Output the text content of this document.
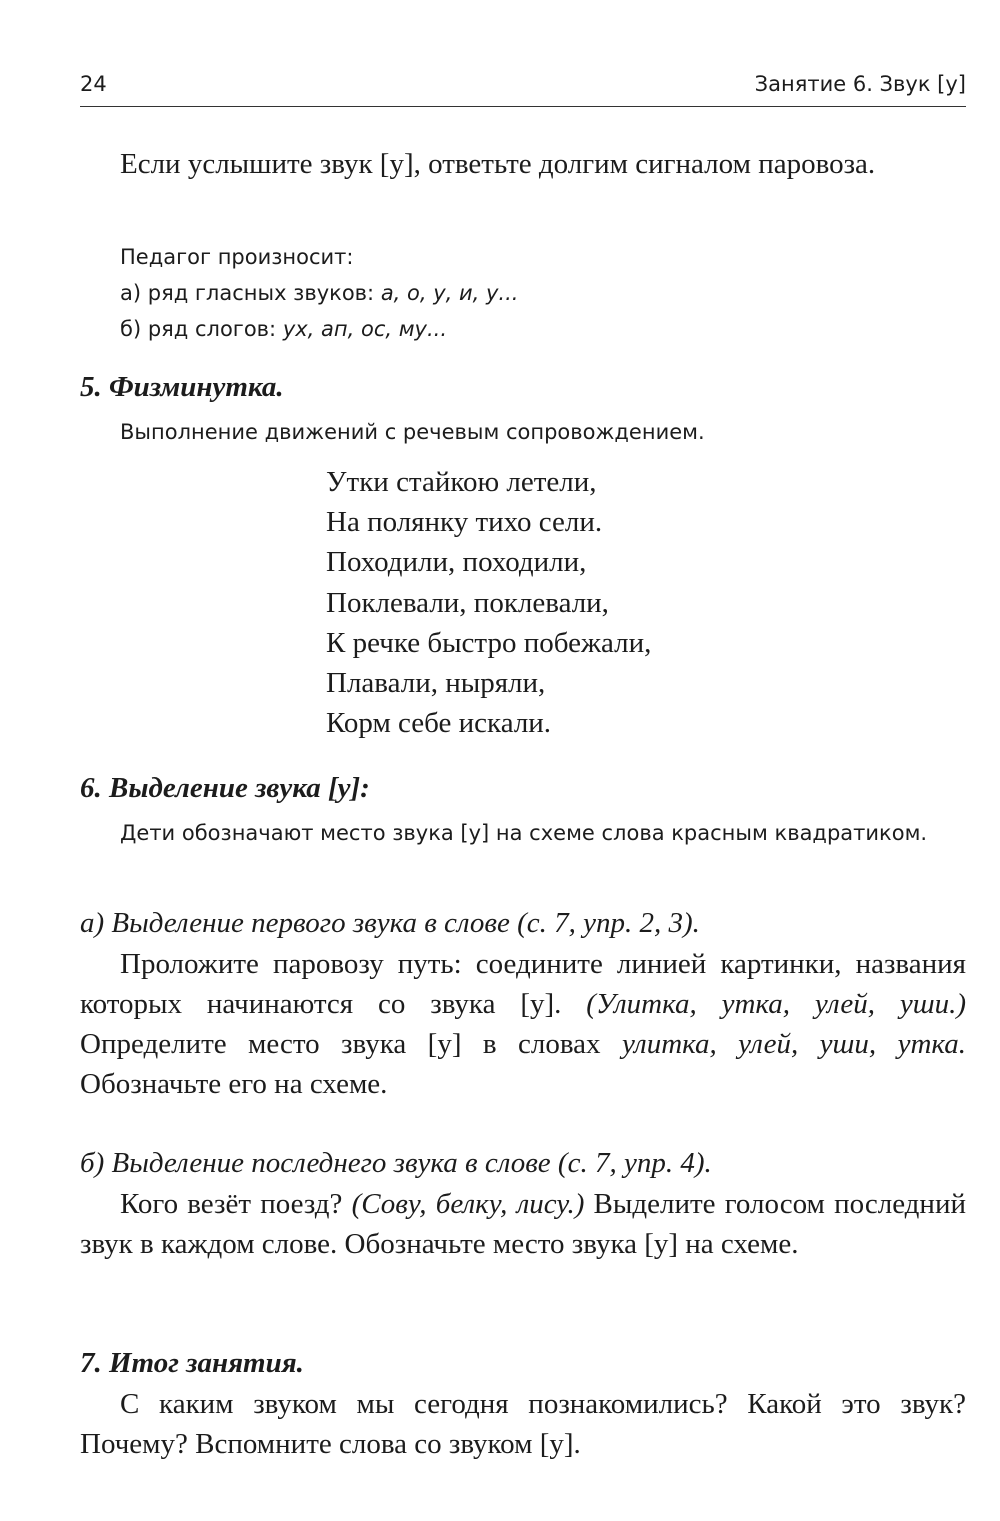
24	Занятие 6. Звук [у]
Если услышите звук [у], ответьте долгим сигналом паровоза.
Педагог произносит:
а) ряд гласных звуков: а, о, у, и, у...
б) ряд слогов: ух, ап, ос, му...
5. Физминутка.
Выполнение движений с речевым сопровождением.
Утки стайкою летели,
На полянку тихо сели.
Походили, походили,
Поклевали, поклевали,
К речке быстро побежали,
Плавали, ныряли,
Корм себе искали.
6. Выделение звука [у]:
Дети обозначают место звука [у] на схеме слова красным квадратиком.
а) Выделение первого звука в слове (с. 7, упр. 2, 3).
Проложите паровозу путь: соедините линией картинки, названия которых начинаются со звука [у]. (Улитка, утка, улей, уши.) Определите место звука [у] в словах улитка, улей, уши, утка. Обозначьте его на схеме.
б) Выделение последнего звука в слове (с. 7, упр. 4).
Кого везёт поезд? (Сову, белку, лису.) Выделите голосом последний звук в каждом слове. Обозначьте место звука [у] на схеме.
7. Итог занятия.
С каким звуком мы сегодня познакомились? Какой это звук? Почему? Вспомните слова со звуком [у].
